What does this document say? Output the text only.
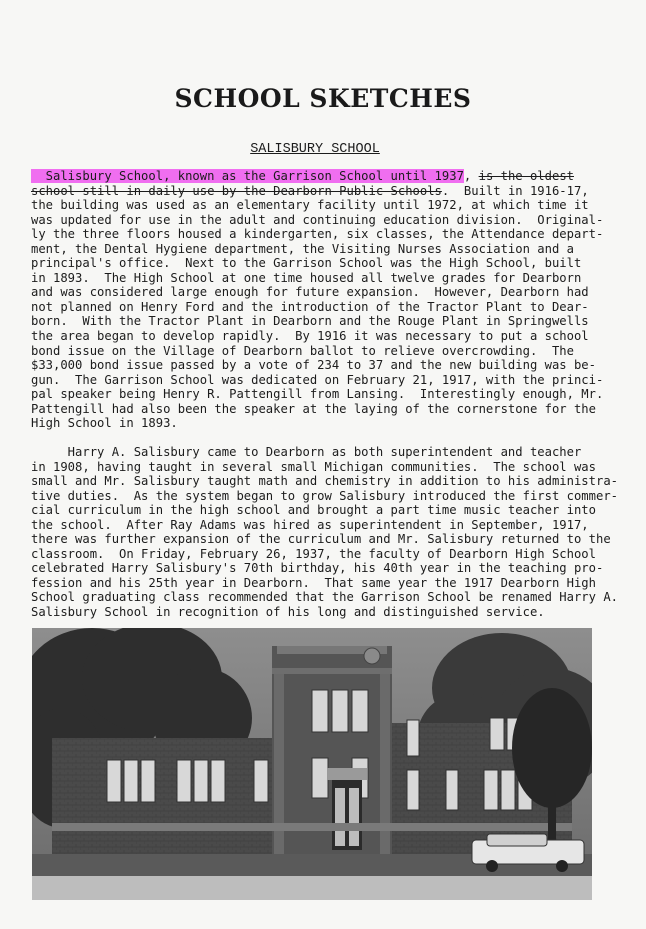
SCHOOL SKETCHES
SALISBURY SCHOOL
Salisbury School, known as the Garrison School until 1937, is the oldest
school still in daily use by the Dearborn Public Schools.  Built in 1916-17,
the building was used as an elementary facility until 1972, at which time it
was updated for use in the adult and continuing education division.  Original-
ly the three floors housed a kindergarten, six classes, the Attendance depart-
ment, the Dental Hygiene department, the Visiting Nurses Association and a
principal's office.  Next to the Garrison School was the High School, built
in 1893.  The High School at one time housed all twelve grades for Dearborn
and was considered large enough for future expansion.  However, Dearborn had
not planned on Henry Ford and the introduction of the Tractor Plant to Dear-
born.  With the Tractor Plant in Dearborn and the Rouge Plant in Springwells
the area began to develop rapidly.  By 1916 it was necessary to put a school
bond issue on the Village of Dearborn ballot to relieve overcrowding.  The
$33,000 bond issue passed by a vote of 234 to 37 and the new building was be-
gun.  The Garrison School was dedicated on February 21, 1917, with the princi-
pal speaker being Henry R. Pattengill from Lansing.  Interestingly enough, Mr.
Pattengill had also been the speaker at the laying of the cornerstone for the
High School in 1893.
Harry A. Salisbury came to Dearborn as both superintendent and teacher
in 1908, having taught in several small Michigan communities.  The school was
small and Mr. Salisbury taught math and chemistry in addition to his administra-
tive duties.  As the system began to grow Salisbury introduced the first commer-
cial curriculum in the high school and brought a part time music teacher into
the school.  After Ray Adams was hired as superintendent in September, 1917,
there was further expansion of the curriculum and Mr. Salisbury returned to the
classroom.  On Friday, February 26, 1937, the faculty of Dearborn High School
celebrated Harry Salisbury's 70th birthday, his 40th year in the teaching pro-
fession and his 25th year in Dearborn.  That same year the 1917 Dearborn High
School graduating class recommended that the Garrison School be renamed Harry A.
Salisbury School in recognition of his long and distinguished service.
